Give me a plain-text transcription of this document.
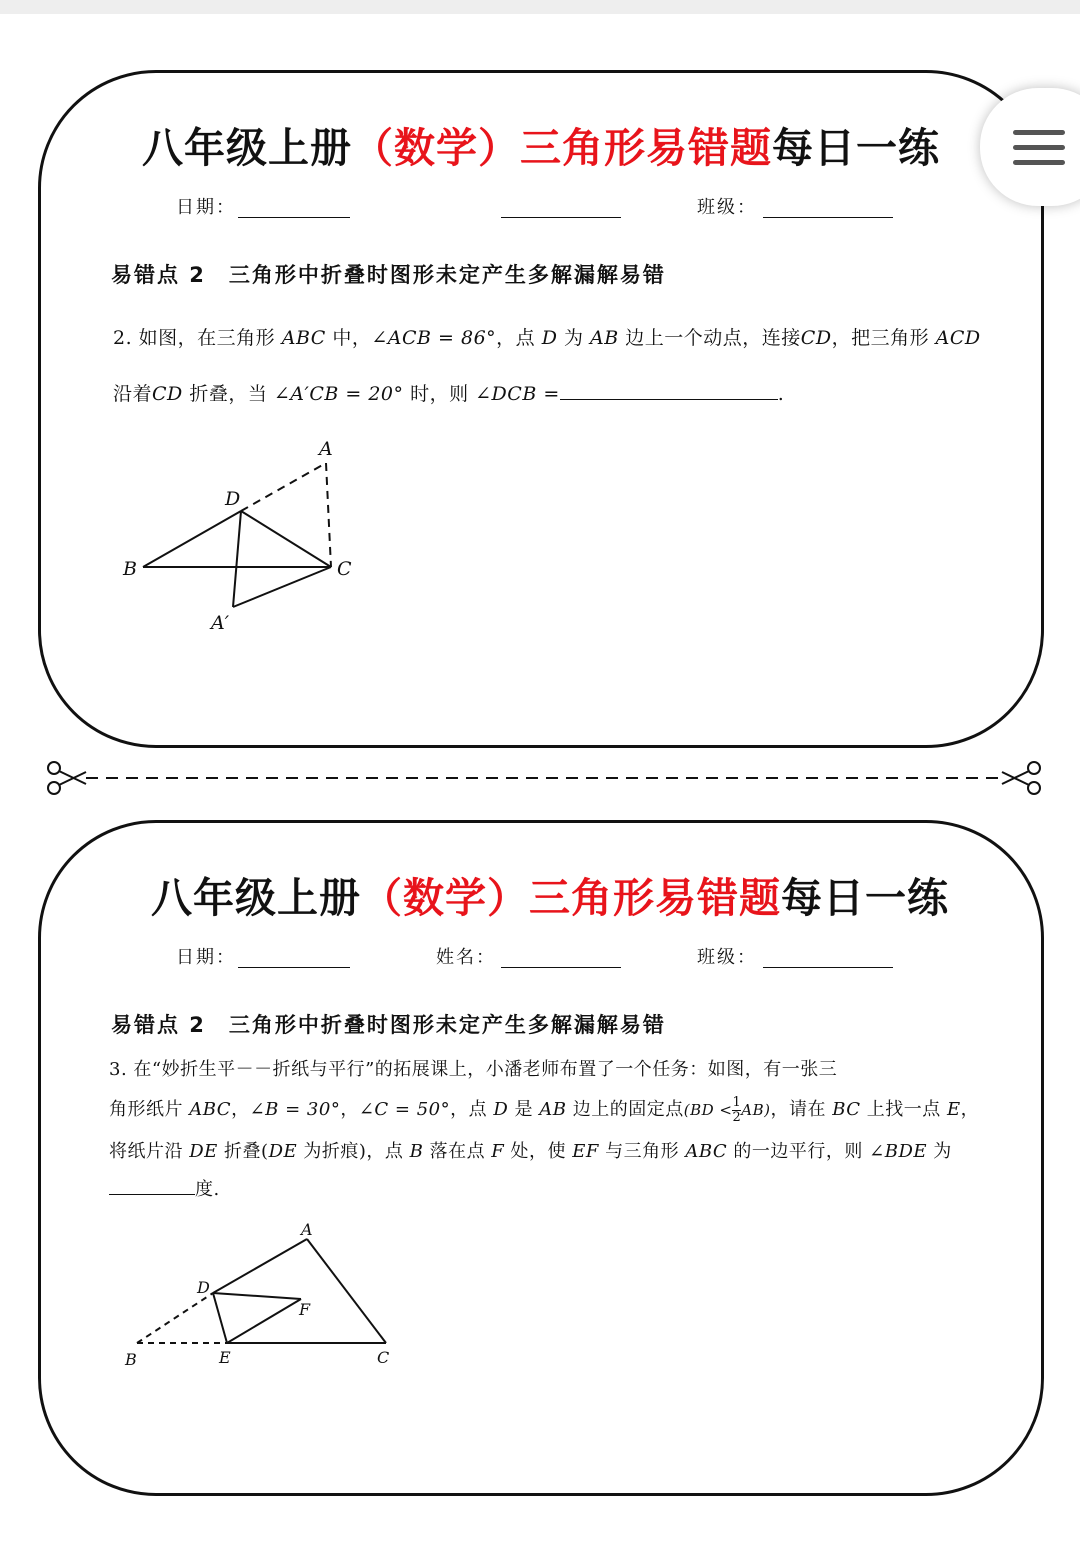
八年级上册（数学）三角形易错题每日一练
日期：	班级：
易错点 2　三角形中折叠时图形未定产生多解漏解易错
2. 如图，在三角形 ABC 中，∠ACB = 86°，点 D 为 AB 边上一个动点，连接CD，把三角形 ACD
沿着CD 折叠，当 ∠A′CB = 20° 时，则 ∠DCB =	.
A
B	C
D
A′
八年级上册（数学）三角形易错题每日一练
日期：	姓名：	班级：
易错点 2　三角形中折叠时图形未定产生多解漏解易错
3. 在“妙折生平－－折纸与平行”的拓展课上，小潘老师布置了一个任务：如图，有一张三
角形纸片 ABC，∠B = 30°，∠C = 50°，点 D 是 AB 边上的固定点$(BD < \frac{1}{2} AB)$，请在 BC 上找一点 E，
将纸片沿 DE 折叠(DE 为折痕)，点 B 落在点 F 处，使 EF 与三角形 ABC 的一边平行，则 ∠BDE 为
度.
A
B	C
D
E
F
